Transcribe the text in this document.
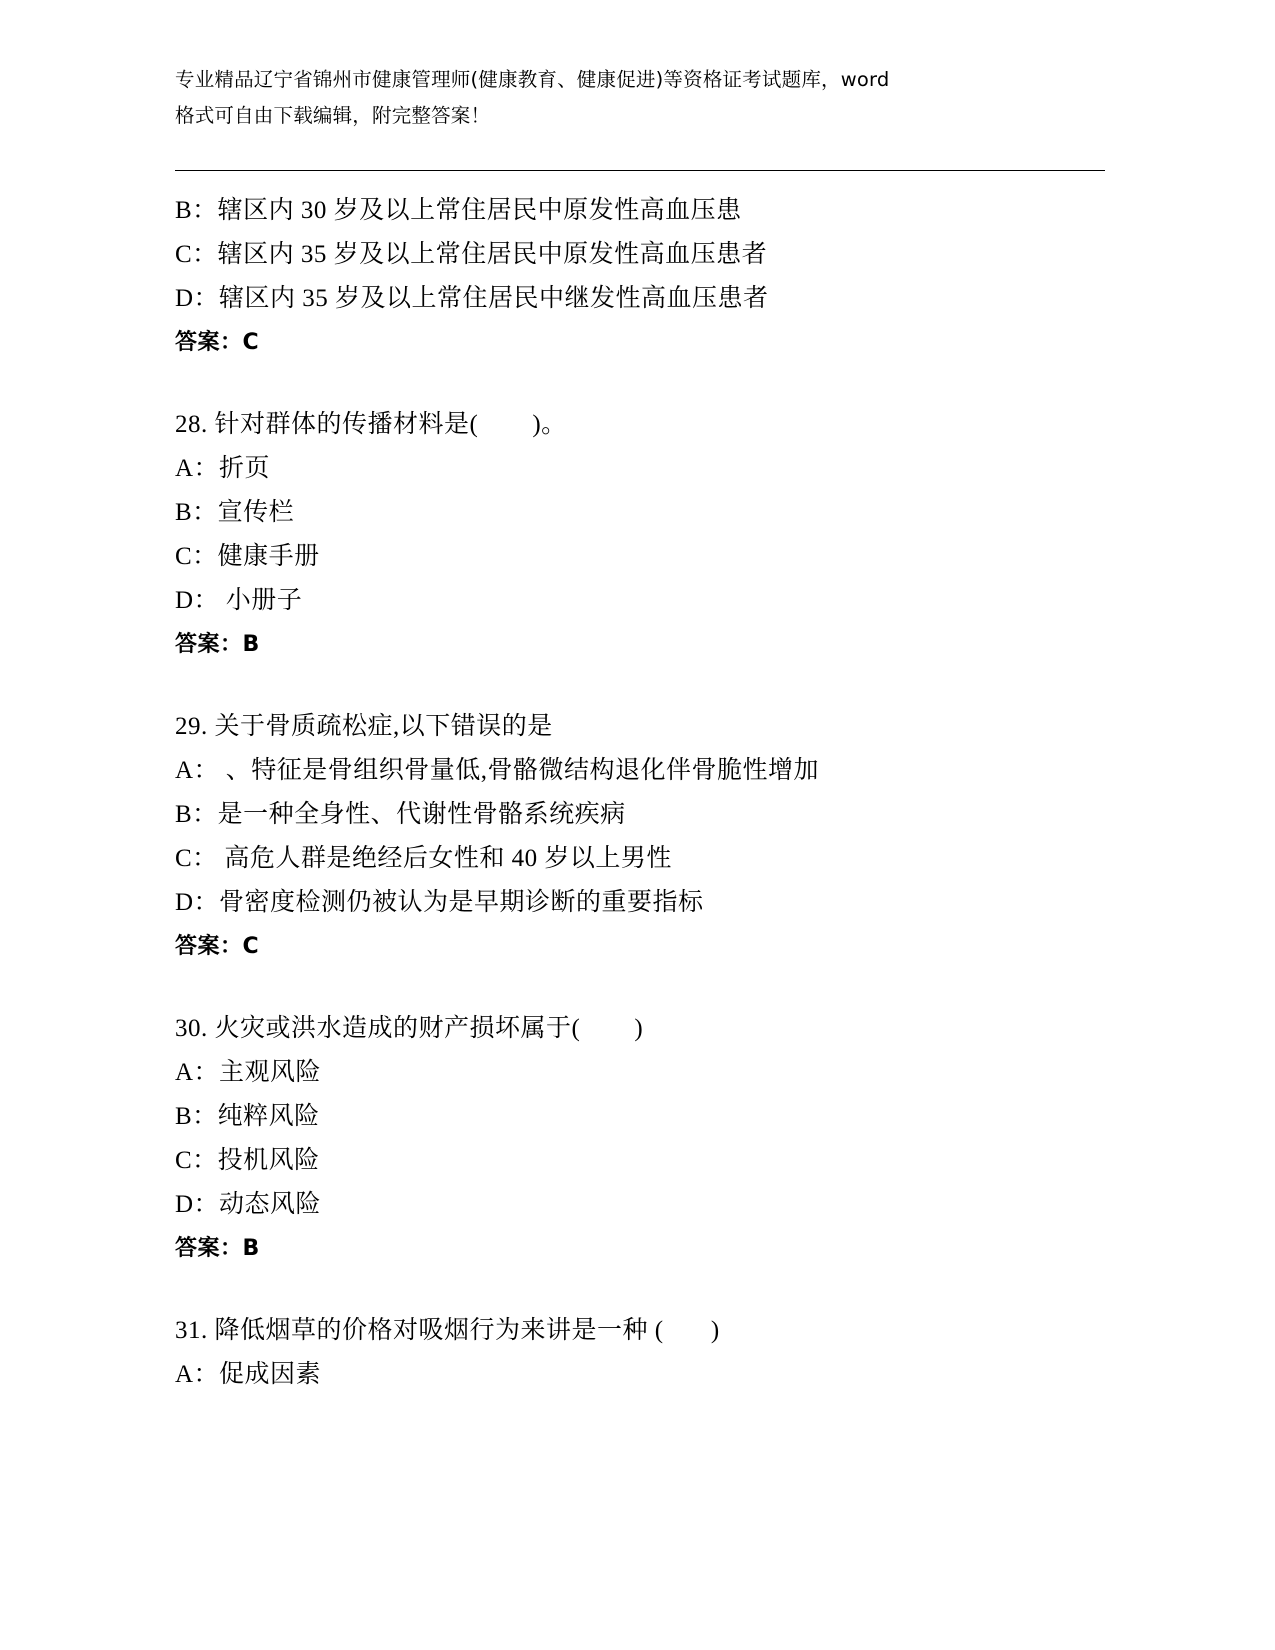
专业精品辽宁省锦州市健康管理师(健康教育、健康促进)等资格证考试题库，word
格式可自由下载编辑，附完整答案！
B：辖区内 30 岁及以上常住居民中原发性高血压患
C：辖区内 35 岁及以上常住居民中原发性高血压患者
D：辖区内 35 岁及以上常住居民中继发性高血压患者
答案：C
28. 针对群体的传播材料是(        )。
A：折页
B：宣传栏
C：健康手册
D： 小册子
答案：B
29. 关于骨质疏松症,以下错误的是
A： 、特征是骨组织骨量低,骨骼微结构退化伴骨脆性增加
B：是一种全身性、代谢性骨骼系统疾病
C： 高危人群是绝经后女性和 40 岁以上男性
D：骨密度检测仍被认为是早期诊断的重要指标
答案：C
30. 火灾或洪水造成的财产损坏属于(        )
A：主观风险
B：纯粹风险
C：投机风险
D：动态风险
答案：B
31. 降低烟草的价格对吸烟行为来讲是一种 (       )
A：促成因素
